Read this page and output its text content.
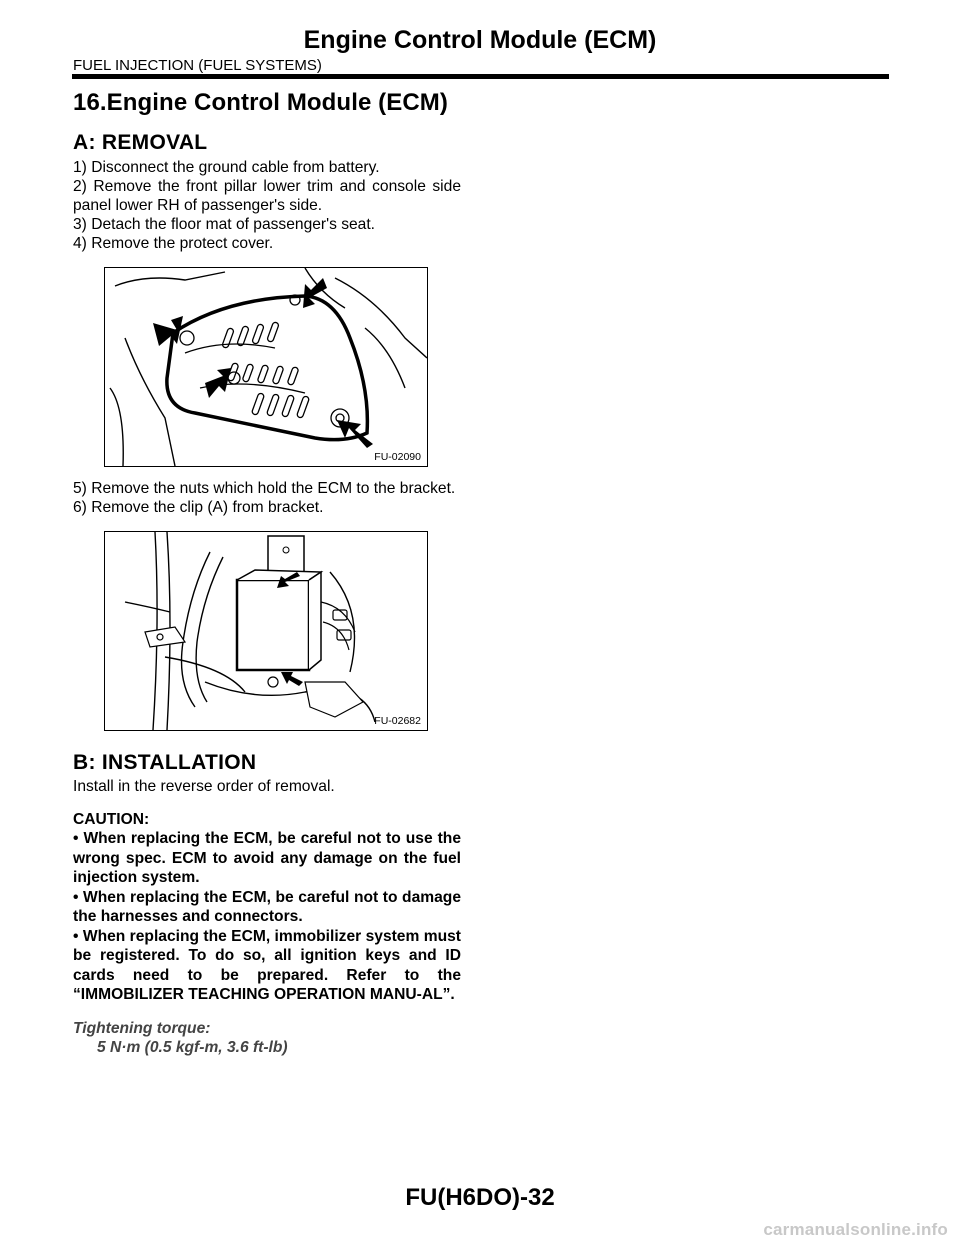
Engine Control Module (ECM)
FUEL INJECTION (FUEL SYSTEMS)
16.Engine Control Module (ECM)
A: REMOVAL
1) Disconnect the ground cable from battery.
2) Remove the front pillar lower trim and console side panel lower RH of passenger's side.
3) Detach the floor mat of passenger's seat.
4) Remove the protect cover.
FU-02090
5) Remove the nuts which hold the ECM to the bracket.
6) Remove the clip (A) from bracket.
FU-02682
B: INSTALLATION
Install in the reverse order of removal.
CAUTION:
• When replacing the ECM, be careful not to use the wrong spec. ECM to avoid any damage on the fuel injection system.
• When replacing the ECM, be careful not to damage the harnesses and connectors.
• When replacing the ECM, immobilizer system must be registered. To do so, all ignition keys and ID cards need to be prepared. Refer to the “IMMOBILIZER TEACHING OPERATION MANU-AL”.
Tightening torque:
5 N·m (0.5 kgf-m, 3.6 ft-lb)
FU(H6DO)-32
carmanualsonline.info
